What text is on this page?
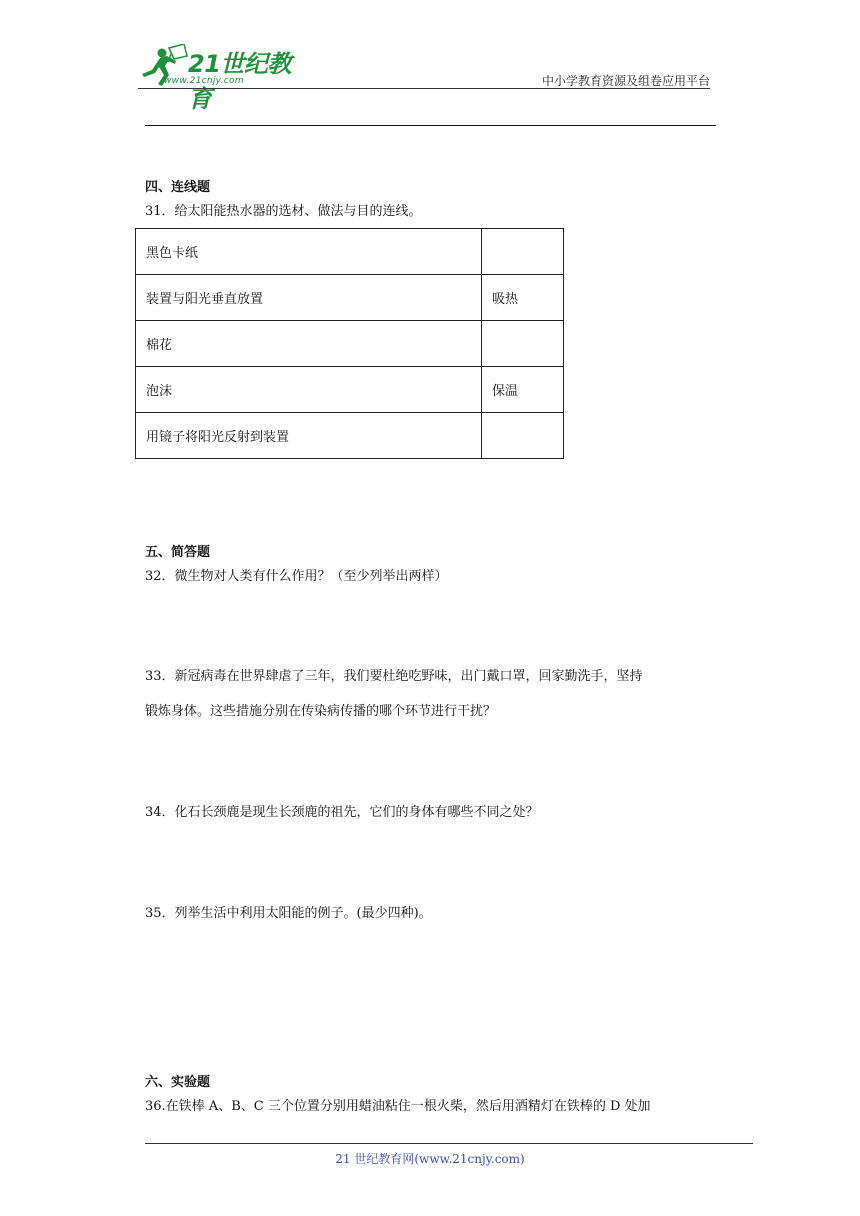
21世纪教育
www.21cnjy.com	中小学教育资源及组卷应用平台
四、连线题
31．给太阳能热水器的选材、做法与目的连线。
黑色卡纸	
装置与阳光垂直放置	吸热
棉花	
泡沫	保温
用镜子将阳光反射到装置	
五、简答题
32．微生物对人类有什么作用？（至少列举出两样）
33．新冠病毒在世界肆虐了三年，我们要杜绝吃野味，出门戴口罩，回家勤洗手，坚持
锻炼身体。这些措施分别在传染病传播的哪个环节进行干扰？
34．化石长颈鹿是现生长颈鹿的祖先，它们的身体有哪些不同之处？
35．列举生活中利用太阳能的例子。(最少四种)。
六、实验题
36.在铁棒 A、B、C 三个位置分别用蜡油粘住一根火柴，然后用酒精灯在铁棒的 D 处加
21 世纪教育网(www.21cnjy.com)
